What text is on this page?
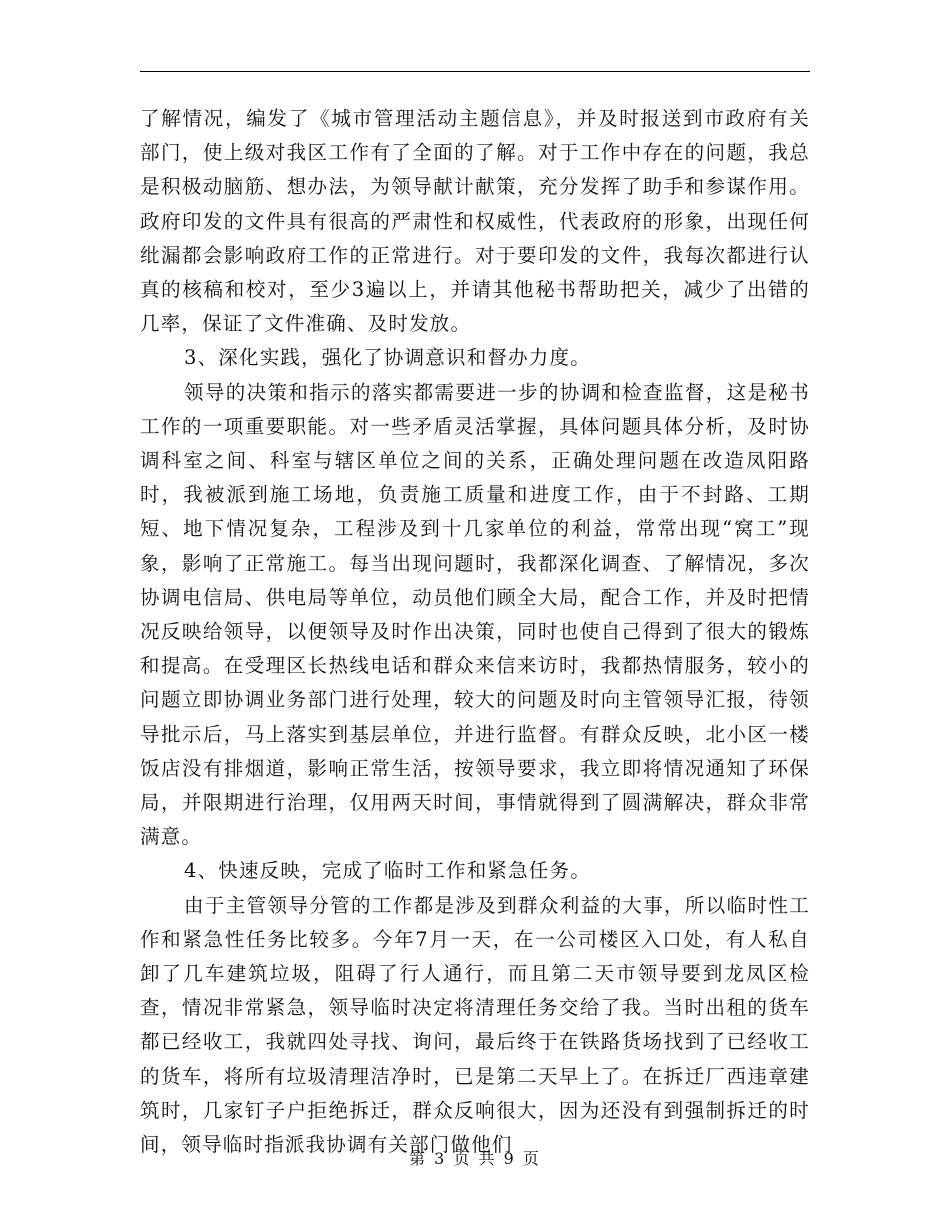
了解情况，编发了《城市管理活动主题信息》，并及时报送到市政府有关部门，使上级对我区工作有了全面的了解。对于工作中存在的问题，我总是积极动脑筋、想办法，为领导献计献策，充分发挥了助手和参谋作用。政府印发的文件具有很高的严肃性和权威性，代表政府的形象，出现任何纰漏都会影响政府工作的正常进行。对于要印发的文件，我每次都进行认真的核稿和校对，至少3遍以上，并请其他秘书帮助把关，减少了出错的几率，保证了文件准确、及时发放。

3、深化实践，强化了协调意识和督办力度。

领导的决策和指示的落实都需要进一步的协调和检查监督，这是秘书工作的一项重要职能。对一些矛盾灵活掌握，具体问题具体分析，及时协调科室之间、科室与辖区单位之间的关系，正确处理问题在改造凤阳路时，我被派到施工场地，负责施工质量和进度工作，由于不封路、工期短、地下情况复杂，工程涉及到十几家单位的利益，常常出现“窝工”现象，影响了正常施工。每当出现问题时，我都深化调查、了解情况，多次协调电信局、供电局等单位，动员他们顾全大局，配合工作，并及时把情况反映给领导，以便领导及时作出决策，同时也使自己得到了很大的锻炼和提高。在受理区长热线电话和群众来信来访时，我都热情服务，较小的问题立即协调业务部门进行处理，较大的问题及时向主管领导汇报，待领导批示后，马上落实到基层单位，并进行监督。有群众反映，北小区一楼饭店没有排烟道，影响正常生活，按领导要求，我立即将情况通知了环保局，并限期进行治理，仅用两天时间，事情就得到了圆满解决，群众非常满意。

4、快速反映，完成了临时工作和紧急任务。

由于主管领导分管的工作都是涉及到群众利益的大事，所以临时性工作和紧急性任务比较多。今年7月一天，在一公司楼区入口处，有人私自卸了几车建筑垃圾，阻碍了行人通行，而且第二天市领导要到龙凤区检查，情况非常紧急，领导临时决定将清理任务交给了我。当时出租的货车都已经收工，我就四处寻找、询问，最后终于在铁路货场找到了已经收工的货车，将所有垃圾清理洁净时，已是第二天早上了。在拆迁厂西违章建筑时，几家钉子户拒绝拆迁，群众反响很大，因为还没有到强制拆迁的时间，领导临时指派我协调有关部门做他们

第 3 页 共 9 页
